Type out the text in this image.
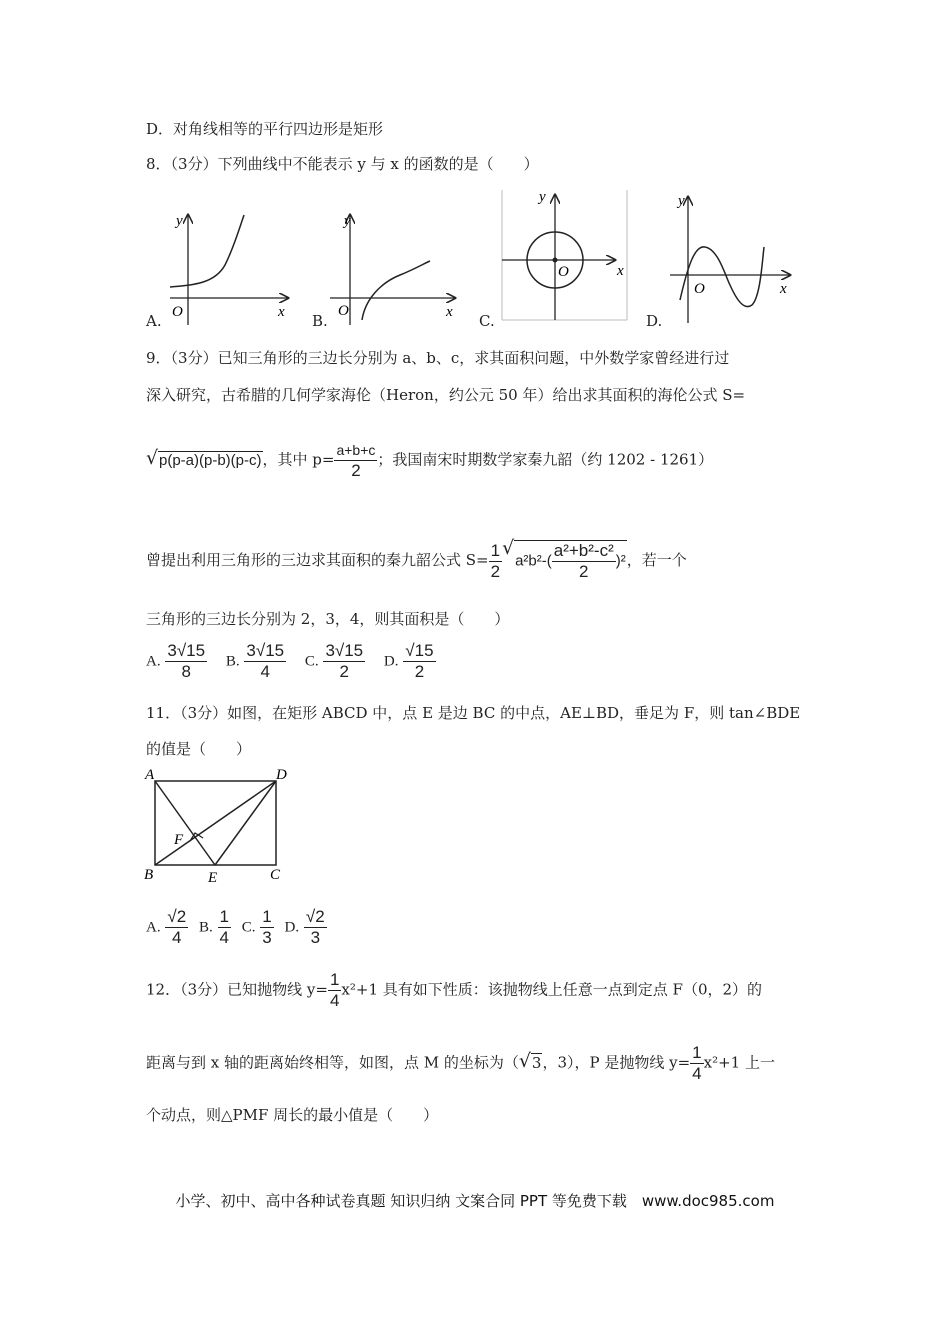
D．对角线相等的平行四边形是矩形
8．（3分）下列曲线中不能表示 y 与 x 的函数的是（　　）
y
O	x
y
O	x
y
O	x
y
O	x
A.	B.	C.	D.
9．（3分）已知三角形的三边长分别为 a、b、c，求其面积问题，中外数学家曾经进行过
深入研究，古希腊的几何学家海伦（Heron，约公元 50 年）给出求其面积的海伦公式 S=
√ p(p-a)(p-b)(p-c)，其中 $p= \frac{a+b+c}{2}$ ；我国南宋时期数学家秦九韶（约 1202 - 1261）
曾提出利用三角形的三边求其面积的秦九韶公式 $S= \frac{1}{2}$ √ $a^2b^2-( \frac{\text{a²+b²-c²}}{2} )^2$，若一个
三角形的三边长分别为 2，3，4，则其面积是（　　）
A. $\frac{3√15}{8} B$. $\frac{3√15}{4} C$. $\frac{3√15}{2} D$. $\frac{√15}{2}$
11．（3分）如图，在矩形 ABCD 中，点 E 是边 BC 的中点，AE⊥BD，垂足为 F，则 tan∠BDE
的值是（　　）
A	D
B	E	C
F
A. $\frac{√2}{4} B$. $\frac{1}{4} C$. $\frac{1}{3} D$. $\frac{√2}{3}$
12．（3分）已知抛物线 $y= \frac{1}{4} x^2+1$ 具有如下性质：该抛物线上任意一点到定点 F（0，2）的
距离与到 x 轴的距离始终相等，如图，点 M 的坐标为（ √ 3，3），P 是抛物线 $y= \frac{1}{4} x^2+1$ 上一
个动点，则△PMF 周长的最小值是（　　）
小学、初中、高中各种试卷真题 知识归纳 文案合同 PPT 等免费下载　www.doc985.com
